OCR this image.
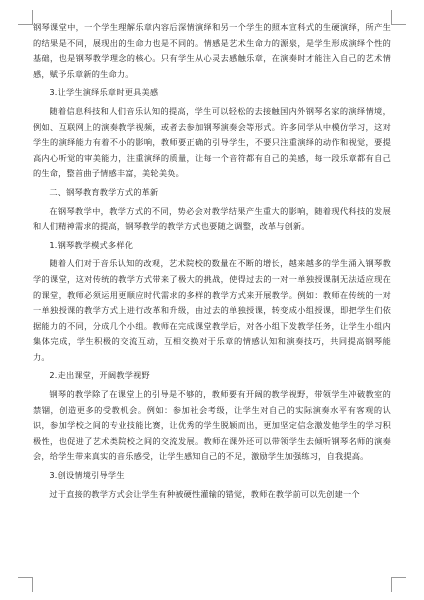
钢琴课堂中，一个学生理解乐章内容后深情演绎和另一个学生的照本宣科式的生硬演绎，所产生的结果是不同，展现出的生命力也是不同的。情感是艺术生命力的源泉，是学生形成演绎个性的基础，也是钢琴教学理念的核心。只有学生从心灵去感触乐章，在演奏时才能注入自己的艺术情感，赋予乐章新的生命力。

3.让学生演绎乐章时更具美感

随着信息科技和人们音乐认知的提高，学生可以轻松的去接触国内外钢琴名家的演绎情境，例如、互联网上的演奏教学视频，或者去参加钢琴演奏会等形式。许多同学从中模仿学习，这对学生的演绎能力有着不小的影响，教师要正确的引导学生，不要只注重演绎的动作和视觉，要提高内心听觉的审美能力，注重演绎的质量，让每一个音符都有自己的美感，每一段乐章都有自己的生命，整首曲子情感丰富，美轮美奂。

二、钢琴教育教学方式的革新

在钢琴教学中，教学方式的不同，势必会对教学结果产生重大的影响，随着现代科技的发展和人们精神需求的提高，钢琴教学的教学方式也要随之调整，改革与创新。

1.钢琴教学模式多样化

随着人们对于音乐认知的改观，艺术院校的数量在不断的增长，越来越多的学生涌入钢琴教学的课堂，这对传统的教学方式带来了极大的挑战，使得过去的一对一单独授课制无法适应现在的课堂，教师必须运用更顺应时代需求的多样的教学方式来开展教学。例如：教师在传统的一对一单独授课的教学方式上进行改革和升级，由过去的单独授课，转变成小组授课，即把学生们依据能力的不同，分成几个小组。教师在完成课堂教学后，对各小组下发教学任务，让学生小组内集体完成，学生积极的交流互动，互相交换对于乐章的情感认知和演奏技巧，共同提高钢琴能力。

2.走出课堂，开阔教学视野

钢琴的教学除了在课堂上的引导是不够的，教师要有开阔的教学视野，带领学生冲破教室的禁锢，创造更多的受教机会。例如：参加社会考级，让学生对自己的实际演奏水平有客观的认识，参加学校之间的专业技能比赛，让优秀的学生脱颖而出，更加坚定信念激发他学生的学习积极性，也促进了艺术类院校之间的交流发展。教师在课外还可以带领学生去倾听钢琴名师的演奏会，给学生带来真实的音乐感受，让学生感知自己的不足，激励学生加强练习，自我提高。

3.创设情境引导学生

过于直接的教学方式会让学生有种被硬性灌输的错觉，教师在教学前可以先创建一个
